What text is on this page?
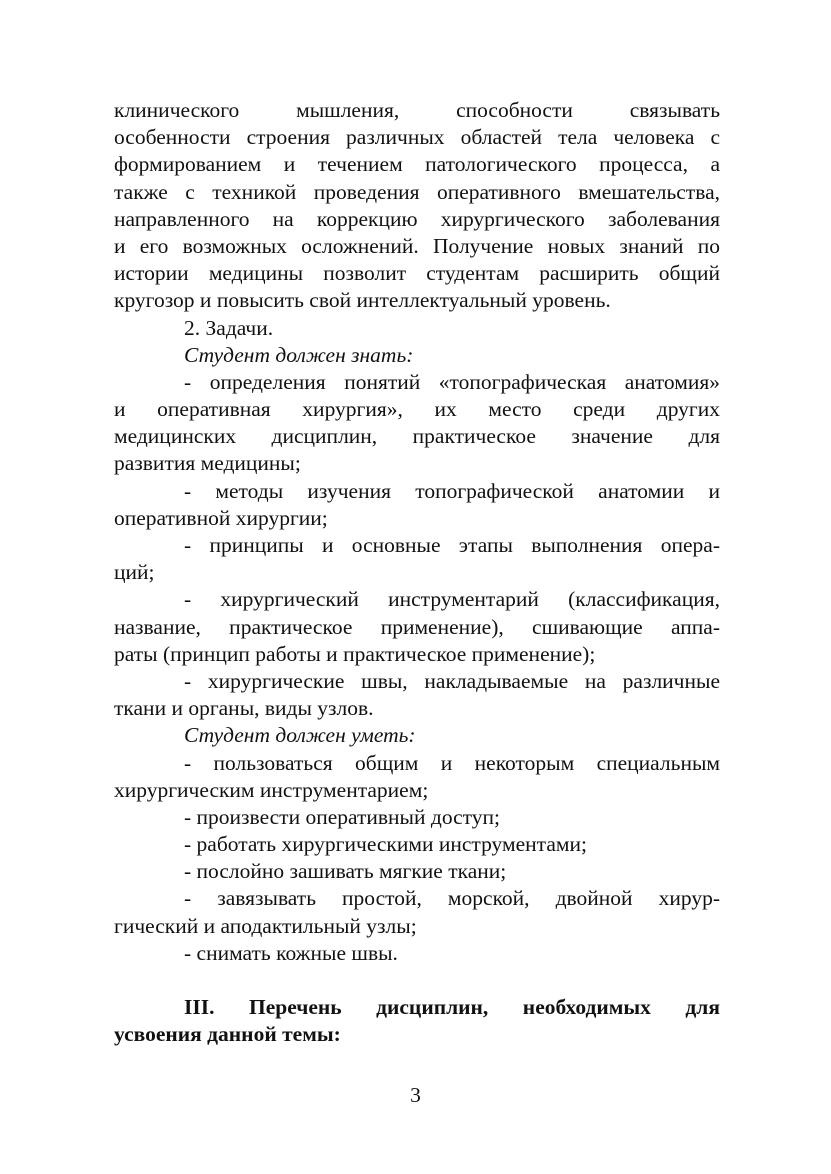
клинического мышления, способности связывать
особенности строения различных областей тела человека с
формированием и течением патологического процесса, а
также с техникой проведения оперативного вмешательства,
направленного на коррекцию хирургического заболевания
и его возможных осложнений. Получение новых знаний по
истории медицины позволит студентам расширить общий
кругозор и повысить свой интеллектуальный уровень.
2. Задачи.
Студент должен знать:
- определения понятий «топографическая анатомия»
и оперативная хирургия», их место среди других
медицинских дисциплин, практическое значение для
развития медицины;
- методы изучения топографической анатомии и
оперативной хирургии;
- принципы и основные этапы выполнения опера-
ций;
- хирургический инструментарий (классификация,
название, практическое применение), сшивающие аппа-
раты (принцип работы и практическое применение);
- хирургические швы, накладываемые на различные
ткани и органы, виды узлов.
Студент должен уметь:
- пользоваться общим и некоторым специальным
хирургическим инструментарием;
- произвести оперативный доступ;
- работать хирургическими инструментами;
- послойно зашивать мягкие ткани;
- завязывать простой, морской, двойной хирур-
гический и аподактильный узлы;
- снимать кожные швы.
III. Перечень дисциплин, необходимых для
усвоения данной темы:
3
